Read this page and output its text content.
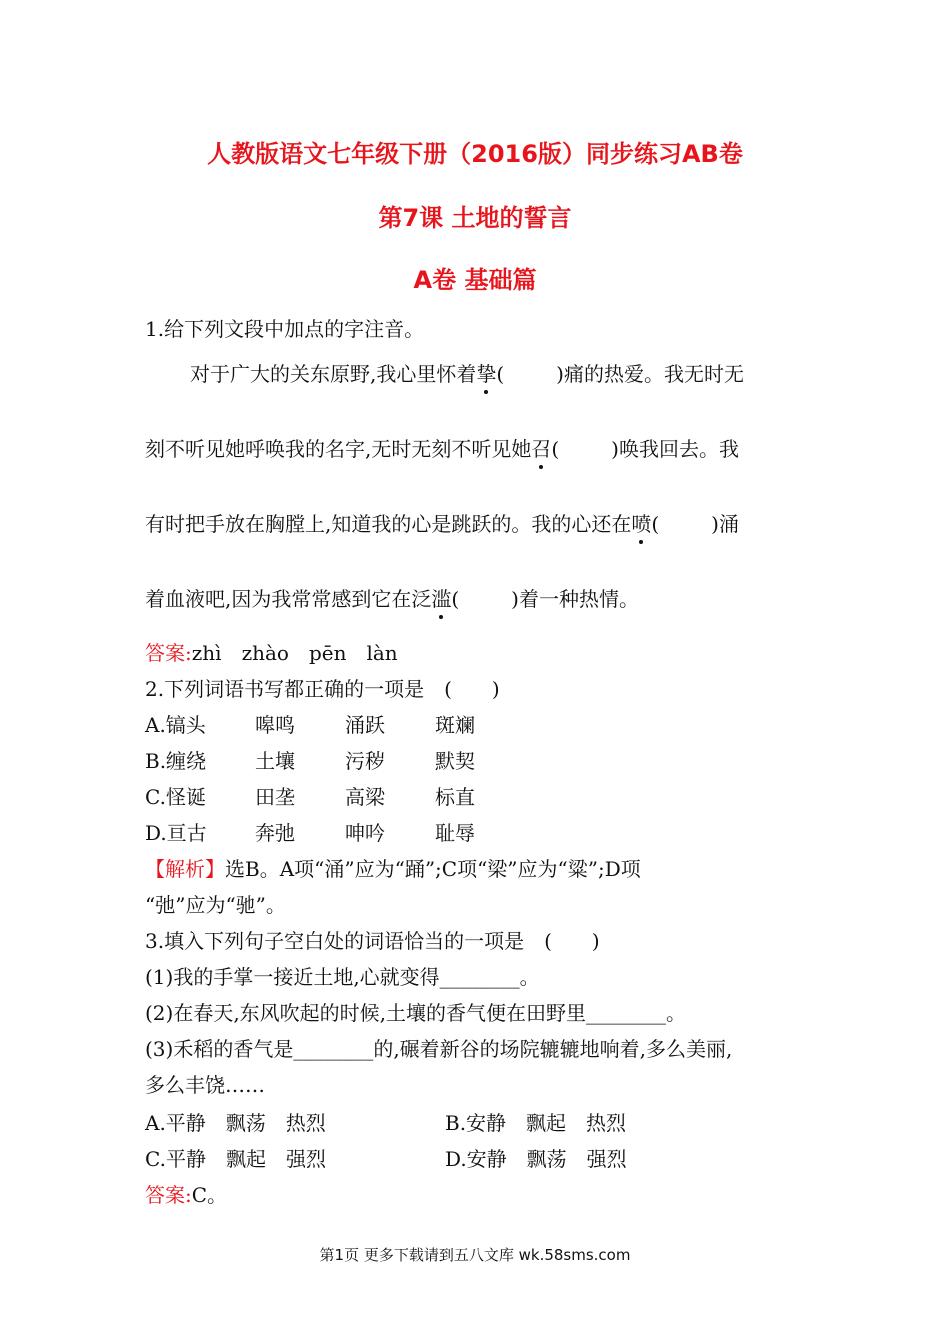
人教版语文七年级下册（2016版）同步练习AB卷
第7课 土地的誓言
A卷 基础篇
1.给下列文段中加点的字注音。
对于广大的关东原野,我心里怀着挚(	)痛的热爱。我无时无
刻不听见她呼唤我的名字,无时无刻不听见她召(	)唤我回去。我
有时把手放在胸膛上,知道我的心是跳跃的。我的心还在喷(	)涌
着血液吧,因为我常常感到它在泛滥(	)着一种热情。
答案:zhì　zhào　pēn　làn
2.下列词语书写都正确的一项是　(　　)
A.镐头 嗥鸣	涌跃	斑斓
B.缠绕 土壤	污秽	默契
C.怪诞 田垄	高梁	标直
D.亘古 奔弛	呻吟	耻辱
【解析】选B。A项“涌”应为“踊”;C项“梁”应为“粱”;D项
“弛”应为“驰”。
3.填入下列句子空白处的词语恰当的一项是　(　　)
(1)我的手掌一接近土地,心就变得________。
(2)在春天,东风吹起的时候,土壤的香气便在田野里________。
(3)禾稻的香气是________的,碾着新谷的场院辘辘地响着,多么美丽,
多么丰饶……
A.平静　飘荡　热烈	B.安静　飘起　热烈
C.平静　飘起　强烈	D.安静　飘荡　强烈
答案:C。
第1页 更多下载请到五八文库 wk.58sms.com
